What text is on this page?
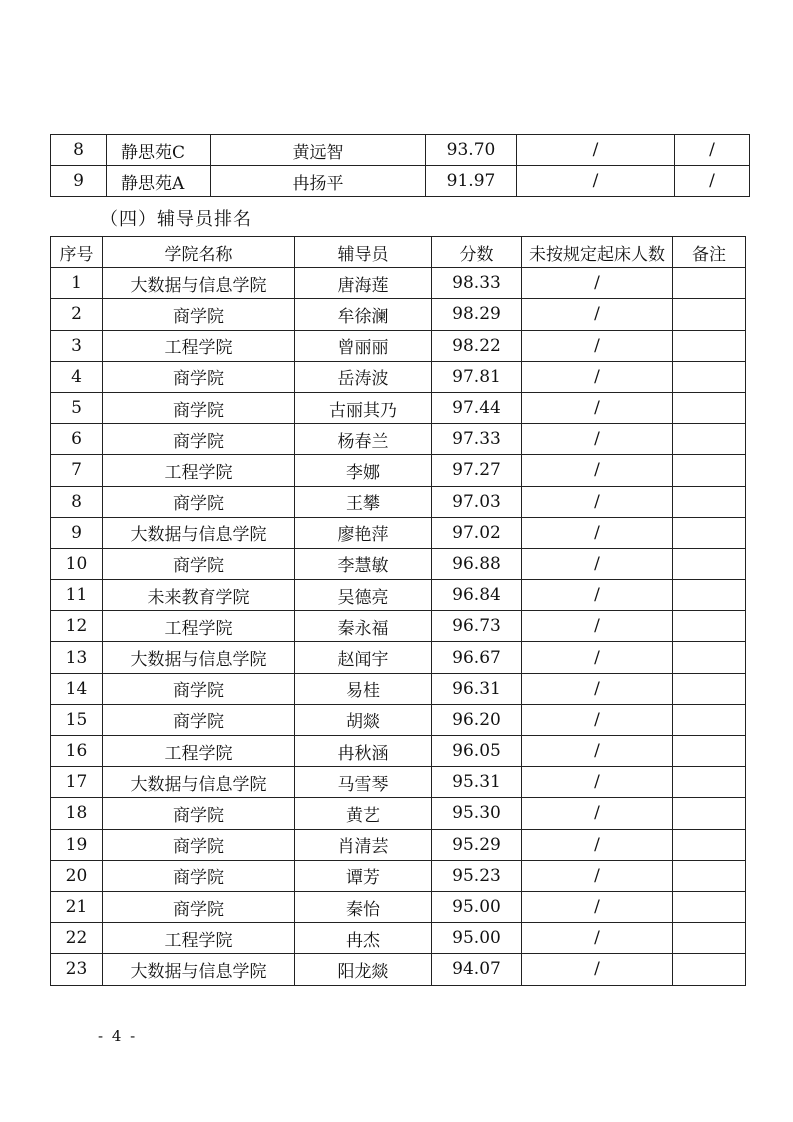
8	静思苑C	黄远智	93.70	/	/
9	静思苑A	冉扬平	91.97	/	/
（四）辅导员排名
序号	学院名称	辅导员	分数	未按规定起床人数	备注
1	大数据与信息学院	唐海莲	98.33	/	
2	商学院	牟徐澜	98.29	/	
3	工程学院	曾丽丽	98.22	/	
4	商学院	岳涛波	97.81	/	
5	商学院	古丽其乃	97.44	/	
6	商学院	杨春兰	97.33	/	
7	工程学院	李娜	97.27	/	
8	商学院	王攀	97.03	/	
9	大数据与信息学院	廖艳萍	97.02	/	
10	商学院	李慧敏	96.88	/	
11	未来教育学院	吴德亮	96.84	/	
12	工程学院	秦永福	96.73	/	
13	大数据与信息学院	赵闻宇	96.67	/	
14	商学院	易桂	96.31	/	
15	商学院	胡燚	96.20	/	
16	工程学院	冉秋涵	96.05	/	
17	大数据与信息学院	马雪琴	95.31	/	
18	商学院	黄艺	95.30	/	
19	商学院	肖清芸	95.29	/	
20	商学院	谭芳	95.23	/	
21	商学院	秦怡	95.00	/	
22	工程学院	冉杰	95.00	/	
23	大数据与信息学院	阳龙燚	94.07	/	
- 4 -
